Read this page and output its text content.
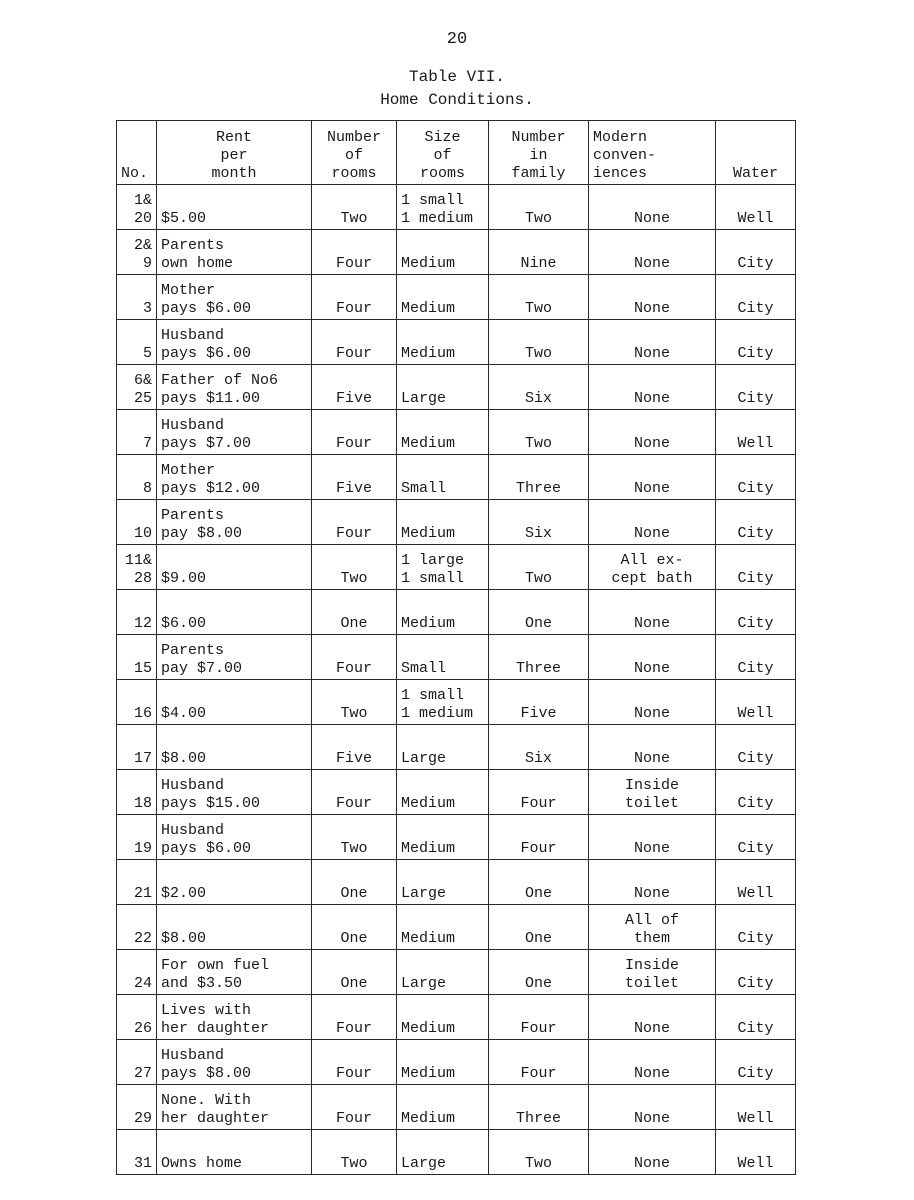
20
Table VII.
Home Conditions.
No.	Rent
per
month	Number
of
rooms	Size
of
rooms	Number
in
family	Modern
conven-
iences	Water
1&
20	$5.00	Two	1 small
1 medium	Two	None	Well
2&
9	Parents
own home	Four	Medium	Nine	None	City
3	Mother
pays $6.00	Four	Medium	Two	None	City
5	Husband
pays $6.00	Four	Medium	Two	None	City
6&
25	Father of No6
pays $11.00	Five	Large	Six	None	City
7	Husband
pays $7.00	Four	Medium	Two	None	Well
8	Mother
pays $12.00	Five	Small	Three	None	City
10	Parents
pay $8.00	Four	Medium	Six	None	City
11&
28	$9.00	Two	1 large
1 small	Two	All ex-
cept bath	City
12	$6.00	One	Medium	One	None	City
15	Parents
pay $7.00	Four	Small	Three	None	City
16	$4.00	Two	1 small
1 medium	Five	None	Well
17	$8.00	Five	Large	Six	None	City
18	Husband
pays $15.00	Four	Medium	Four	Inside
toilet	City
19	Husband
pays $6.00	Two	Medium	Four	None	City
21	$2.00	One	Large	One	None	Well
22	$8.00	One	Medium	One	All of
them	City
24	For own fuel
and $3.50	One	Large	One	Inside
toilet	City
26	Lives with
her daughter	Four	Medium	Four	None	City
27	Husband
pays $8.00	Four	Medium	Four	None	City
29	None. With
her daughter	Four	Medium	Three	None	Well
31	Owns home	Two	Large	Two	None	Well
